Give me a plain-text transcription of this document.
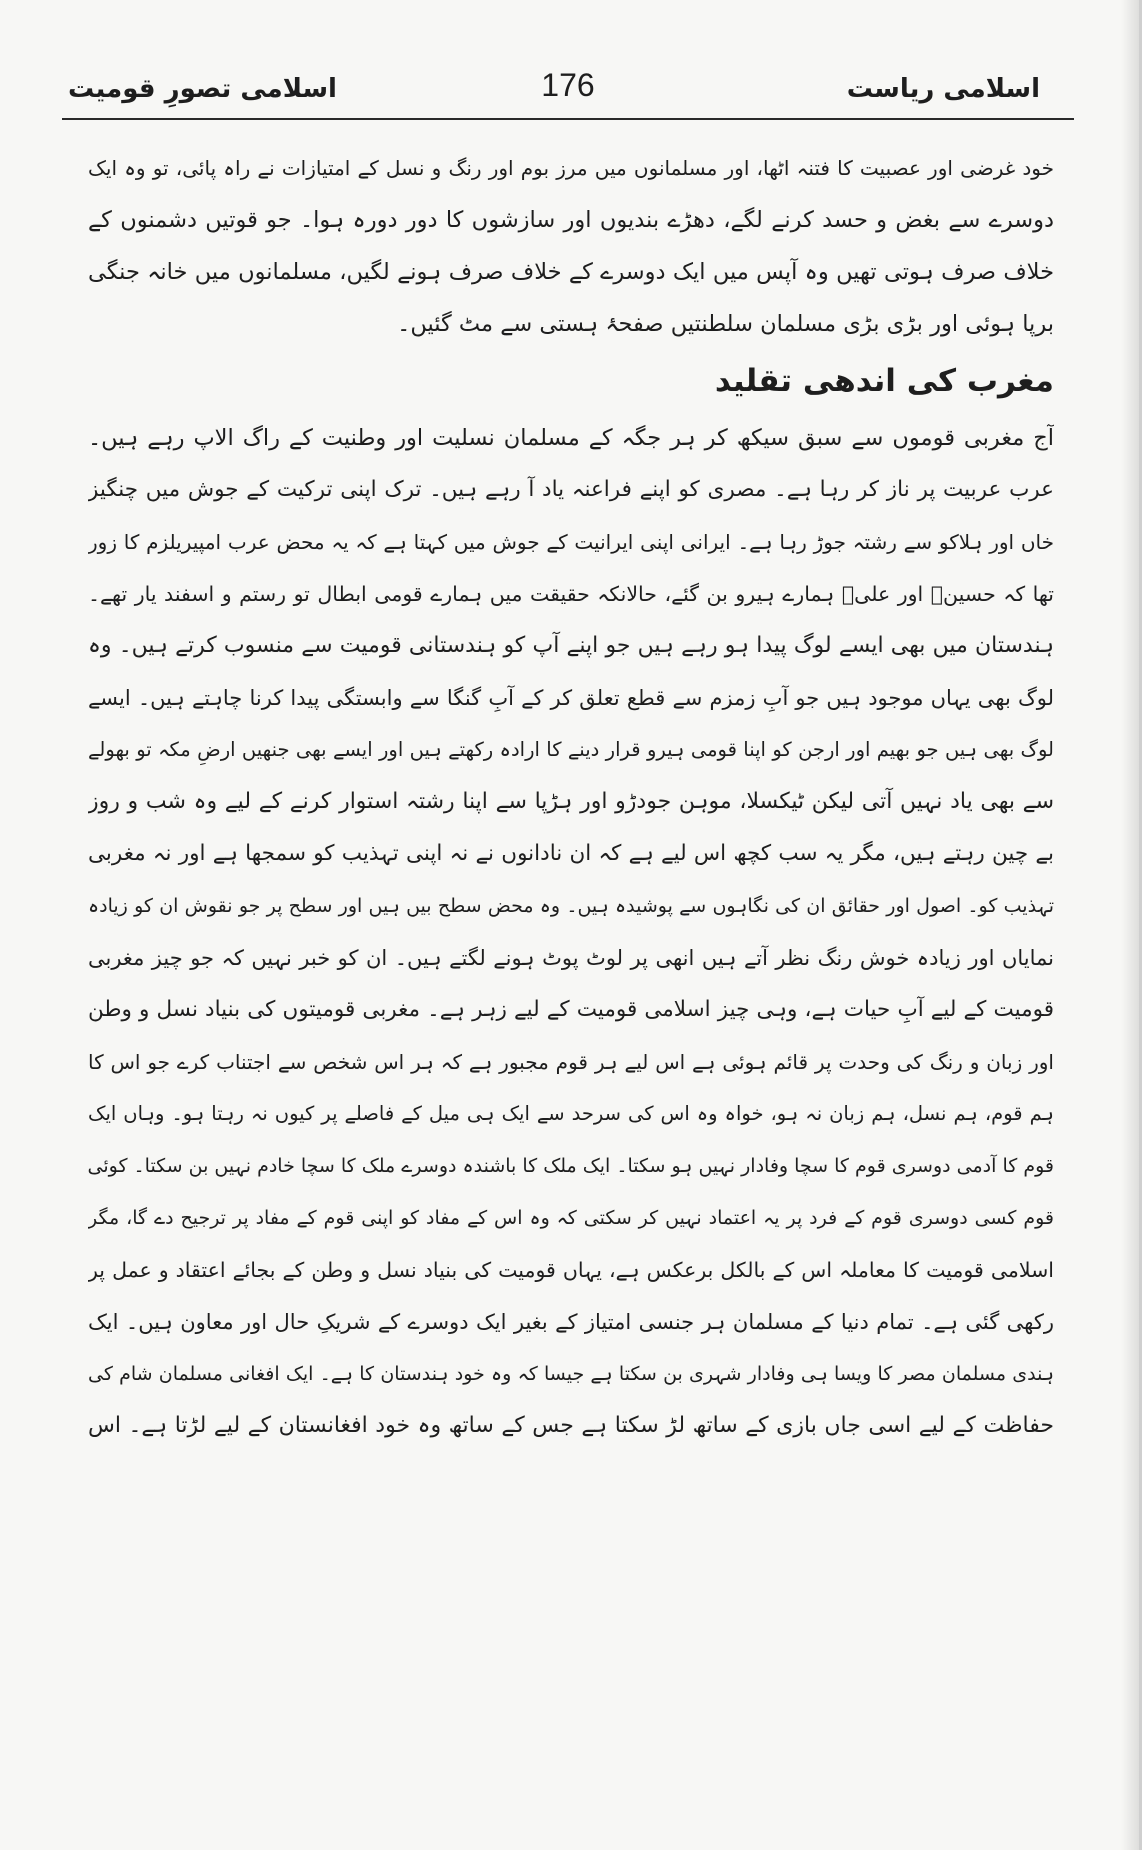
اسلامی ریاست
176
اسلامی تصورِ قومیت
خود غرضی اور عصبیت کا فتنہ اٹھا، اور مسلمانوں میں مرز بوم اور رنگ و نسل کے امتیازات نے راہ پائی، تو وہ ایک
دوسرے سے بغض و حسد کرنے لگے، دھڑے بندیوں اور سازشوں کا دور دورہ ہوا۔ جو قوتیں دشمنوں کے
خلاف صرف ہوتی تھیں وہ آپس میں ایک دوسرے کے خلاف صرف ہونے لگیں، مسلمانوں میں خانہ جنگی
برپا ہوئی اور بڑی بڑی مسلمان سلطنتیں صفحۂ ہستی سے مٹ گئیں۔
مغرب کی اندھی تقلید
آج مغربی قوموں سے سبق سیکھ کر ہر جگہ کے مسلمان نسلیت اور وطنیت کے راگ الاپ رہے ہیں۔
عرب عربیت پر ناز کر رہا ہے۔ مصری کو اپنے فراعنہ یاد آ رہے ہیں۔ ترک اپنی ترکیت کے جوش میں چنگیز
خاں اور ہلاکو سے رشتہ جوڑ رہا ہے۔ ایرانی اپنی ایرانیت کے جوش میں کہتا ہے کہ یہ محض عرب امپیریلزم کا زور
تھا کہ حسینؓ اور علیؓ ہمارے ہیرو بن گئے، حالانکہ حقیقت میں ہمارے قومی ابطال تو رستم و اسفند یار تھے۔
ہندستان میں بھی ایسے لوگ پیدا ہو رہے ہیں جو اپنے آپ کو ہندستانی قومیت سے منسوب کرتے ہیں۔ وہ
لوگ بھی یہاں موجود ہیں جو آبِ زمزم سے قطع تعلق کر کے آبِ گنگا سے وابستگی پیدا کرنا چاہتے ہیں۔ ایسے
لوگ بھی ہیں جو بھیم اور ارجن کو اپنا قومی ہیرو قرار دینے کا ارادہ رکھتے ہیں اور ایسے بھی جنھیں ارضِ مکہ تو بھولے
سے بھی یاد نہیں آتی لیکن ٹیکسلا، موہن جودڑو اور ہڑپا سے اپنا رشتہ استوار کرنے کے لیے وہ شب و روز
بے چین رہتے ہیں، مگر یہ سب کچھ اس لیے ہے کہ ان نادانوں نے نہ اپنی تہذیب کو سمجھا ہے اور نہ مغربی
تہذیب کو۔ اصول اور حقائق ان کی نگاہوں سے پوشیدہ ہیں۔ وہ محض سطح بیں ہیں اور سطح پر جو نقوش ان کو زیادہ
نمایاں اور زیادہ خوش رنگ نظر آتے ہیں انھی پر لوٹ پوٹ ہونے لگتے ہیں۔ ان کو خبر نہیں کہ جو چیز مغربی
قومیت کے لیے آبِ حیات ہے، وہی چیز اسلامی قومیت کے لیے زہر ہے۔ مغربی قومیتوں کی بنیاد نسل و وطن
اور زبان و رنگ کی وحدت پر قائم ہوئی ہے اس لیے ہر قوم مجبور ہے کہ ہر اس شخص سے اجتناب کرے جو اس کا
ہم قوم، ہم نسل، ہم زبان نہ ہو، خواہ وہ اس کی سرحد سے ایک ہی میل کے فاصلے پر کیوں نہ رہتا ہو۔ وہاں ایک
قوم کا آدمی دوسری قوم کا سچا وفادار نہیں ہو سکتا۔ ایک ملک کا باشندہ دوسرے ملک کا سچا خادم نہیں بن سکتا۔ کوئی
قوم کسی دوسری قوم کے فرد پر یہ اعتماد نہیں کر سکتی کہ وہ اس کے مفاد کو اپنی قوم کے مفاد پر ترجیح دے گا، مگر
اسلامی قومیت کا معاملہ اس کے بالکل برعکس ہے، یہاں قومیت کی بنیاد نسل و وطن کے بجائے اعتقاد و عمل پر
رکھی گئی ہے۔ تمام دنیا کے مسلمان ہر جنسی امتیاز کے بغیر ایک دوسرے کے شریکِ حال اور معاون ہیں۔ ایک
ہندی مسلمان مصر کا ویسا ہی وفادار شہری بن سکتا ہے جیسا کہ وہ خود ہندستان کا ہے۔ ایک افغانی مسلمان شام کی
حفاظت کے لیے اسی جاں بازی کے ساتھ لڑ سکتا ہے جس کے ساتھ وہ خود افغانستان کے لیے لڑتا ہے۔ اس
